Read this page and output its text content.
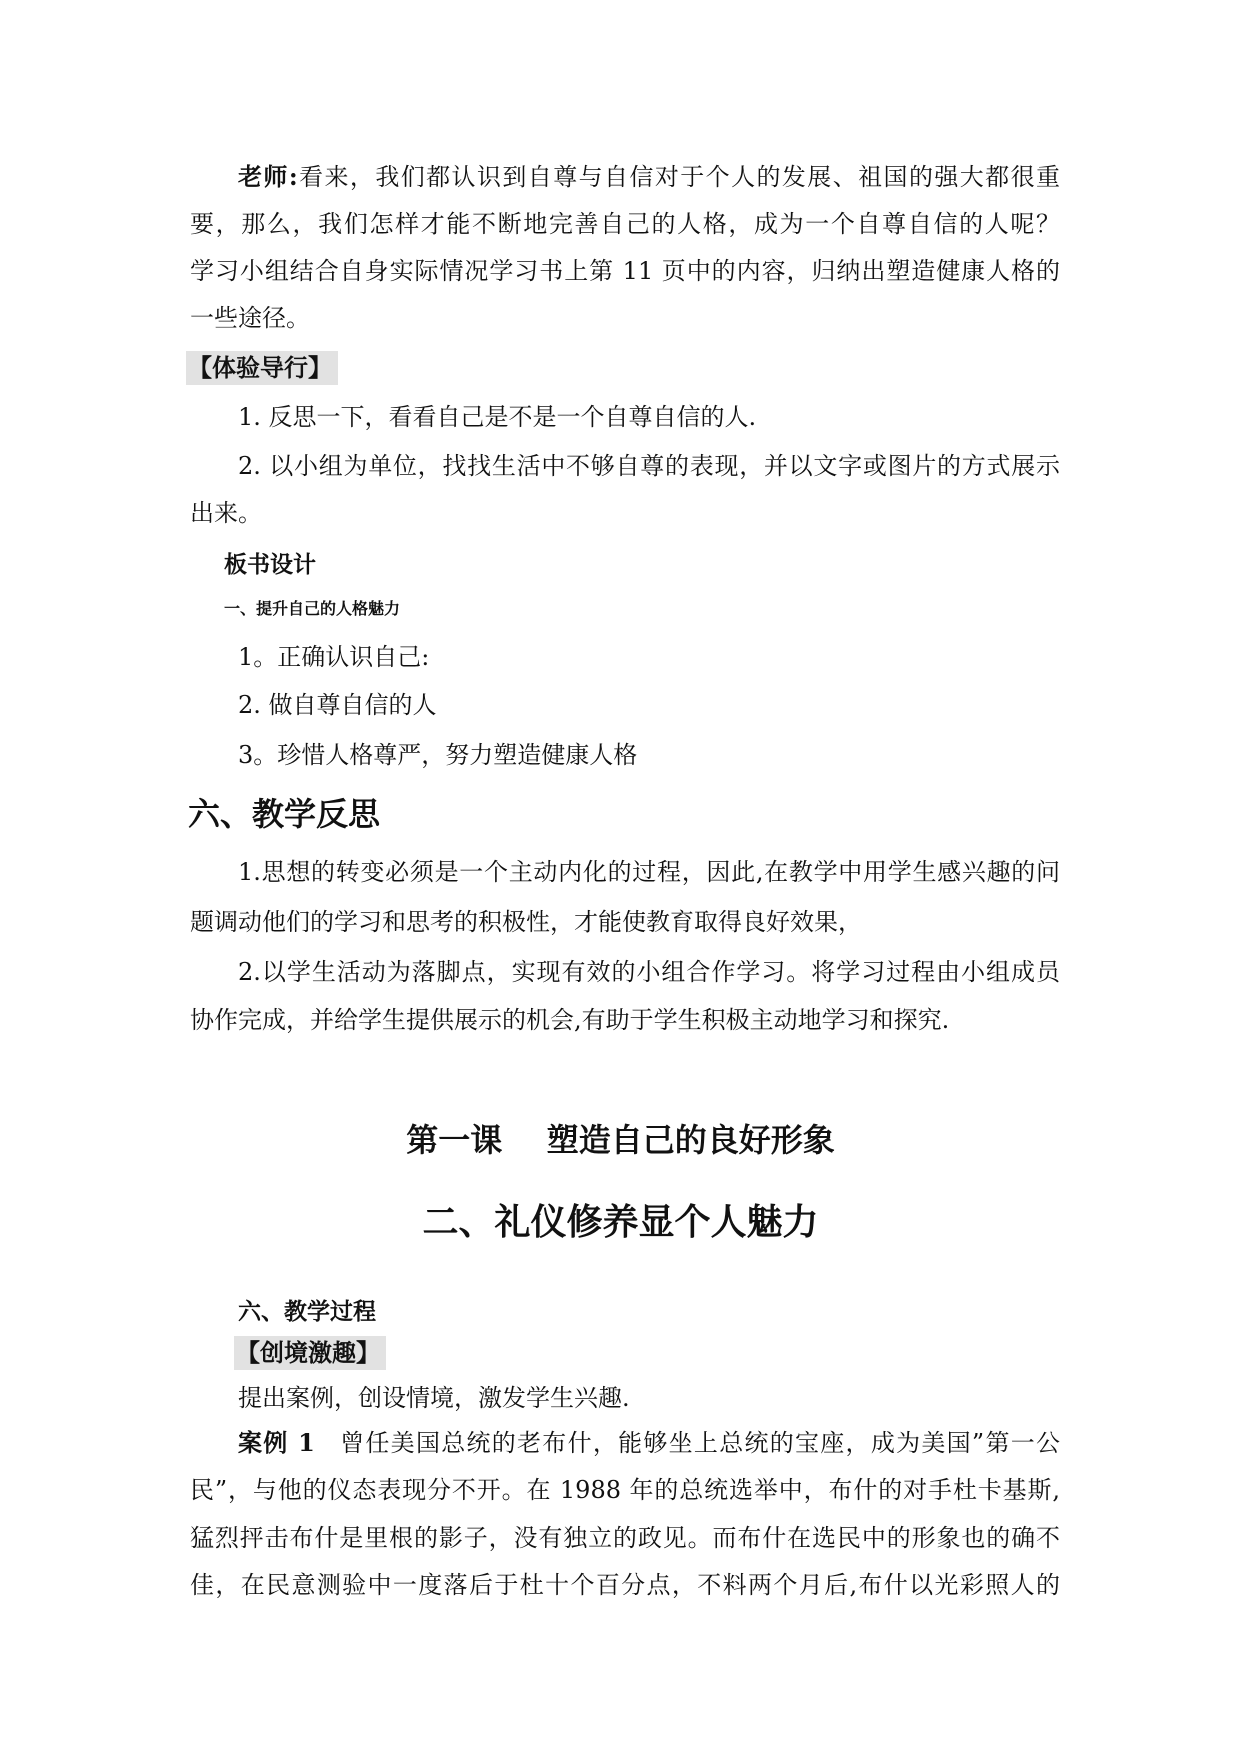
老师:看来，我们都认识到自尊与自信对于个人的发展、祖国的强大都很重
要，那么，我们怎样才能不断地完善自己的人格，成为一个自尊自信的人呢？
学习小组结合自身实际情况学习书上第 11 页中的内容，归纳出塑造健康人格的
一些途径。
【体验导行】
1. 反思一下，看看自己是不是一个自尊自信的人.
2. 以小组为单位，找找生活中不够自尊的表现，并以文字或图片的方式展示
出来。
板书设计
一、提升自己的人格魅力
1。正确认识自己:
2. 做自尊自信的人
3。珍惜人格尊严，努力塑造健康人格
六、教学反思
1.思想的转变必须是一个主动内化的过程，因此,在教学中用学生感兴趣的问
题调动他们的学习和思考的积极性，才能使教育取得良好效果，
2.以学生活动为落脚点，实现有效的小组合作学习。将学习过程由小组成员
协作完成，并给学生提供展示的机会,有助于学生积极主动地学习和探究.
第一课    塑造自己的良好形象
二、礼仪修养显个人魅力
六、教学过程
【创境激趣】
提出案例，创设情境，激发学生兴趣.
案例 1 曾任美国总统的老布什，能够坐上总统的宝座，成为美国”第一公
民”，与他的仪态表现分不开。在 1988 年的总统选举中，布什的对手杜卡基斯,
猛烈抨击布什是里根的影子，没有独立的政见。而布什在选民中的形象也的确不
佳，在民意测验中一度落后于杜十个百分点，不料两个月后,布什以光彩照人的
